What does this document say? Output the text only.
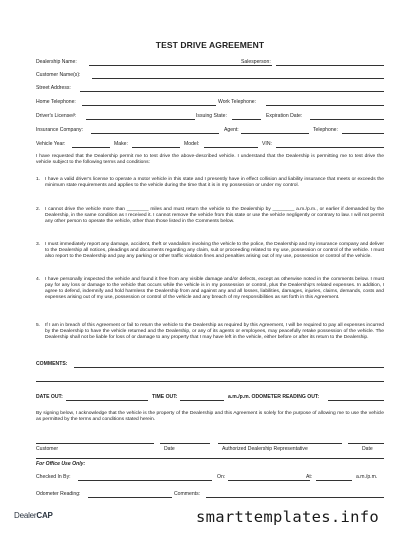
TEST DRIVE AGREEMENT
Dealership Name:	Salesperson:
Customer Name(s):
Street Address:
Home Telephone:	Work Telephone:
Driver's License#:	Issuing State:	Expiration Date:
Insurance Company:	Agent:	Telephone:
Vehicle Year:	Make:	Model:	VIN:
I have requested that the Dealership permit me to test drive the above-described vehicle. I understand that the Dealership is permitting me to test drive the vehicle subject to the following terms and conditions:
1. I have a valid driver's license to operate a motor vehicle in this state and I presently have in effect collision and liability insurance that meets or exceeds the minimum state requirements and applies to the vehicle during the time that it is in my possession or under my control.
2. I cannot drive the vehicle more than ________ miles and must return the vehicle to the Dealership by ________ a.m./p.m., or earlier if demanded by the Dealership, in the same condition as I received it. I cannot remove the vehicle from this state or use the vehicle negligently or contrary to law. I will not permit any other person to operate the vehicle, other than those listed in the Comments below.
3. I must immediately report any damage, accident, theft or vandalism involving the vehicle to the police, the Dealership and my insurance company and deliver to the Dealership all notices, pleadings and documents regarding any claim, suit or proceeding related to my use, possession or control of the vehicle. I must also report to the Dealership and pay any parking or other traffic violation fines and penalties arising out of my use, possession or control of the vehicle.
4. I have personally inspected the vehicle and found it free from any visible damage and/or defects, except as otherwise noted in the comments below. I must pay for any loss or damage to the vehicle that occurs while the vehicle is in my possession or control, plus the Dealership's related expenses. In addition, I agree to defend, indemnify and hold harmless the Dealership from and against any and all losses, liabilities, damages, injuries, claims, demands, costs and expenses arising out of my use, possession or control of the vehicle and any breach of my responsibilities as set forth in this Agreement.
5. If I am in breach of this Agreement or fail to return the vehicle to the Dealership as required by this Agreement, I will be required to pay all expenses incurred by the Dealership to have the vehicle returned and the Dealership, or any of its agents or employees, may peacefully retake possession of the vehicle. The Dealership shall not be liable for loss of or damage to any property that I may have left in the vehicle, either before or after its return to the Dealership.
COMMENTS:
DATE OUT:	TIME OUT:	a.m./p.m. ODOMETER READING OUT:
By signing below, I acknowledge that the vehicle is the property of the Dealership and this Agreement is solely for the purpose of allowing me to use the vehicle as permitted by the terms and conditions stated herein.
Customer	Date	Authorized Dealership Representative	Date
For Office Use Only:
Checked In By:	On:	At:	a.m./p.m.
Odometer Reading:	Comments:
DealerCAP	smarttemplates.info
